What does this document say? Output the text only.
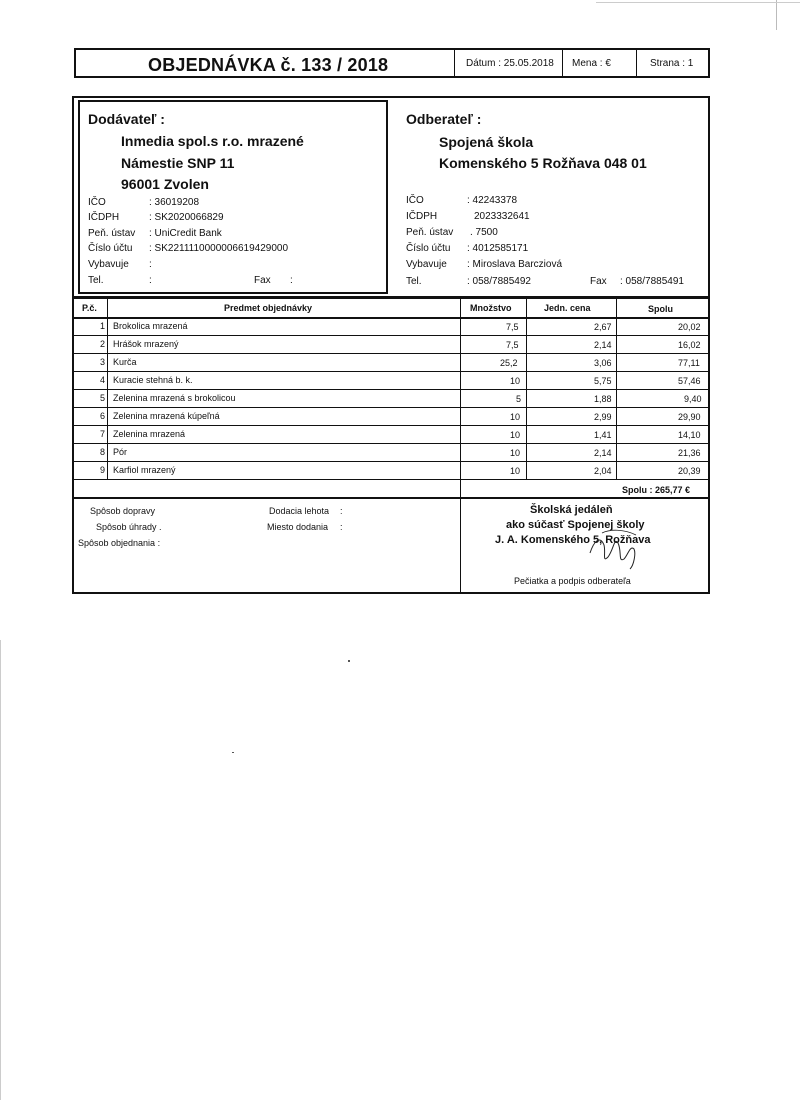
OBJEDNÁVKA č. 133 / 2018	Dátum : 25.05.2018 Mena : €	Strana : 1
Dodávateľ :
Inmedia spol.s r.o. mrazené
Námestie SNP 11
96001 Zvolen
IČO	: 36019208
IČDPH	: SK2020066829
Peň. ústav : UniCredit Bank
Číslo účtu : SK2211110000006619429000
Vybavuje :
Tel.	:	Fax :
Odberateľ :
Spojená škola
Komenského 5 Rožňava 048 01
IČO	: 42243378
IČDPH	2023332641
Peň. ústav . 7500
Číslo účtu : 4012585171
Vybavuje : Miroslava Barcziová
Tel.	: 058/7885492	Fax : 058/7885491
P.č.	Predmet objednávky	Množstvo	Jedn. cena	Spolu
1 Brokolica mrazená	7,5	2,67	20,02
2 Hrášok mrazený	7,5	2,14	16,02
3 Kurča	25,2	3,06	77,11
4 Kuracie stehná b. k.	10	5,75	57,46
5 Zelenina mrazená s brokolicou	5	1,88	9,40
6 Zelenina mrazená kúpeľná	10	2,99	29,90
7 Zelenina mrazená	10	1,41	14,10
8 Pór	10	2,14	21,36
9 Karfiol mrazený	10	2,04	20,39
Spolu : 265,77 €
Spôsob dopravy
Spôsob úhrady .
Spôsob objednania :
Dodacia lehota :
Miesto dodania :
Školská jedáleň
ako súčasť Spojenej školy
J. A. Komenského 5, Rožňava
Pečiatka a podpis odberateľa
